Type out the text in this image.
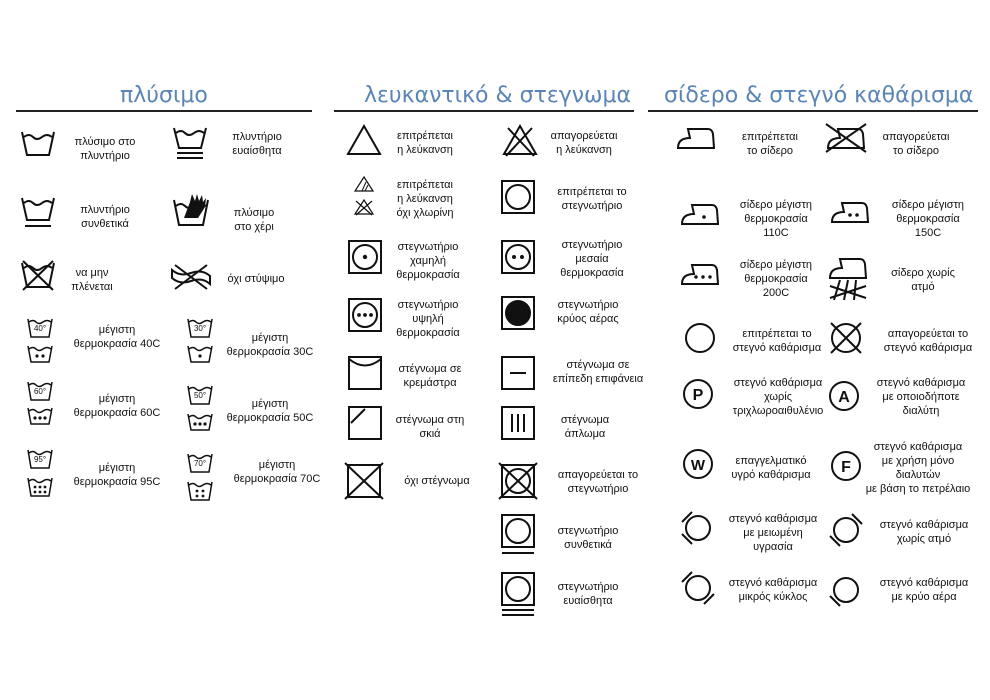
πλύσιμο	λευκαντικό & στεγνωμα σίδερο & στεγνό καθάρισμα
πλύσιμο στο
πλυντήριο
πλυντήριο
ευαίσθητα
πλυντήριο
συνθετικά
πλύσιμο
στο χέρι
να μην
πλένεται
όχι στύψιμο
40°	μέγιστη
θερμοκρασία 40C
30°
μέγιστη
θερμοκρασία 30C
60°
μέγιστη
θερμοκρασία 60C
50°
μέγιστη
θερμοκρασία 50C
95°
μέγιστη
θερμοκρασία 95C
70°	μέγιστη
θερμοκρασία 70C
επιτρέπεται
η λεύκανση
απαγορεύεται
η λεύκανση
επιτρέπεται
η λεύκανση
όχι χλωρίνη
επιτρέπεται το
στεγνωτήριο
στεγνωτήριο
χαμηλή
θερμοκρασία
στεγνωτήριο
μεσαία
θερμοκρασία
στεγνωτήριο
υψηλή
θερμοκρασία
στεγνωτήριο
κρύος αέρας
στέγνωμα σε
κρεμάστρα
στέγνωμα σε
επίπεδη επιφάνεια
στέγνωμα στη
σκιά
στέγνωμα
άπλωμα
όχι στέγνωμα	απαγορεύεται το
στεγνωτήριο
στεγνωτήριο
συνθετικά
στεγνωτήριο
ευαίσθητα
επιτρέπεται
το σίδερο
απαγορεύεται
το σίδερο
σίδερο μέγιστη
θερμοκρασία
110C
σίδερο μέγιστη
θερμοκρασία
150C
σίδερο μέγιστη
θερμοκρασία
200C
σίδερο χωρίς
ατμό
επιτρέπεται το
στεγνό καθάρισμα
απαγορεύεται το
στεγνό καθάρισμα
P
στεγνό καθάρισμα
χωρίς
τριχλωροαιθυλένιο
A
στεγνό καθάρισμα
με οποιοδήποτε
διαλύτη
W	επαγγελματικό
υγρό καθάρισμα	F
στεγνό καθάρισμα
με χρήση μόνο
διαλυτών
με βάση το πετρέλαιο
στεγνό καθάρισμα
με μειωμένη
υγρασία
στεγνό καθάρισμα
χωρίς ατμό
στεγνό καθάρισμα
μικρός κύκλος
στεγνό καθάρισμα
με κρύο αέρα
